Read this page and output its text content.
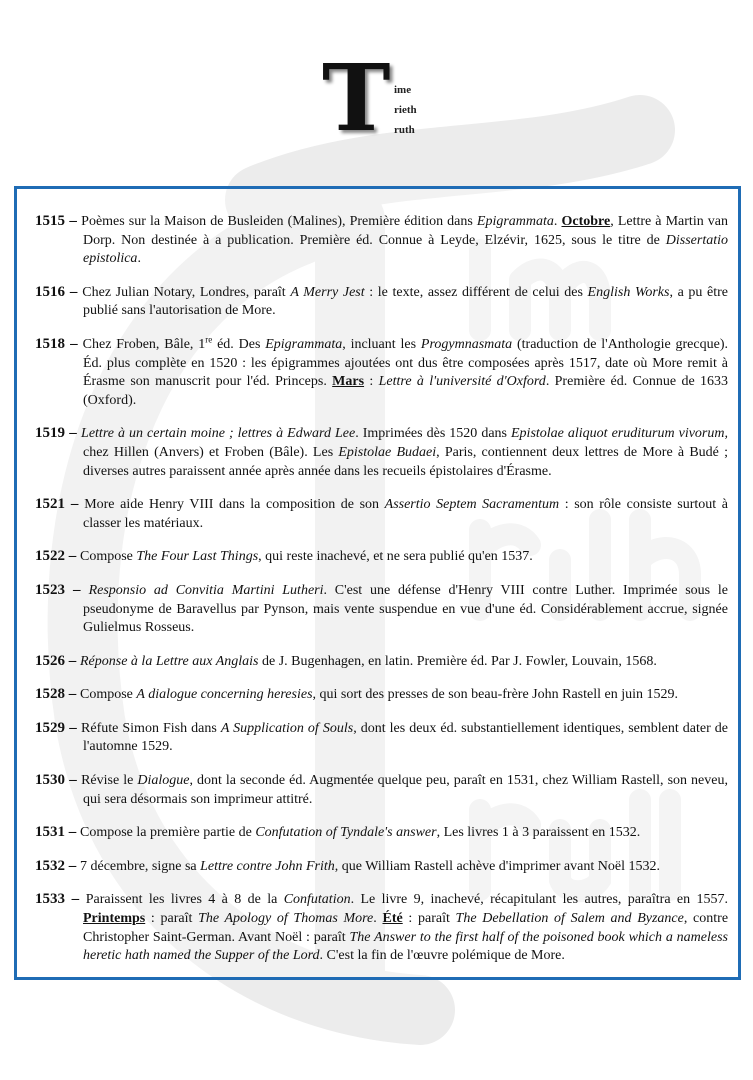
T ime
rieth
ruth

1515 – Poèmes sur la Maison de Busleiden (Malines), Première édition dans Epigrammata. Octobre, Lettre à Martin van Dorp. Non destinée à a publication. Première éd. Connue à Leyde, Elzévir, 1625, sous le titre de Dissertatio epistolica.

1516 – Chez Julian Notary, Londres, paraît A Merry Jest : le texte, assez différent de celui des English Works, a pu être publié sans l'autorisation de More.

1518 – Chez Froben, Bâle, 1re éd. Des Epigrammata, incluant les Progymnasmata (traduction de l'Anthologie grecque). Éd. plus complète en 1520 : les épigrammes ajoutées ont dus être composées après 1517, date où More remit à Érasme son manuscrit pour l'éd. Princeps. Mars : Lettre à l'université d'Oxford. Première éd. Connue de 1633 (Oxford).

1519 – Lettre à un certain moine ; lettres à Edward Lee. Imprimées dès 1520 dans Epistolae aliquot eruditurum vivorum, chez Hillen (Anvers) et Froben (Bâle). Les Epistolae Budaei, Paris, contiennent deux lettres de More à Budé ; diverses autres paraissent année après année dans les recueils épistolaires d'Érasme.

1521 – More aide Henry VIII dans la composition de son Assertio Septem Sacramentum : son rôle consiste surtout à classer les matériaux.

1522 – Compose The Four Last Things, qui reste inachevé, et ne sera publié qu'en 1537.

1523 – Responsio ad Convitia Martini Lutheri. C'est une défense d'Henry VIII contre Luther. Imprimée sous le pseudonyme de Baravellus par Pynson, mais vente suspendue en vue d'une éd. Considérablement accrue, signée Gulielmus Rosseus.

1526 – Réponse à la Lettre aux Anglais de J. Bugenhagen, en latin. Première éd. Par J. Fowler, Louvain, 1568.

1528 – Compose A dialogue concerning heresies, qui sort des presses de son beau-frère John Rastell en juin 1529.

1529 – Réfute Simon Fish dans A Supplication of Souls, dont les deux éd. substantiellement identiques, semblent dater de l'automne 1529.

1530 – Révise le Dialogue, dont la seconde éd. Augmentée quelque peu, paraît en 1531, chez William Rastell, son neveu, qui sera désormais son imprimeur attitré.

1531 – Compose la première partie de Confutation of Tyndale's answer, Les livres 1 à 3 paraissent en 1532.

1532 – 7 décembre, signe sa Lettre contre John Frith, que William Rastell achève d'imprimer avant Noël 1532.

1533 – Paraissent les livres 4 à 8 de la Confutation. Le livre 9, inachevé, récapitulant les autres, paraîtra en 1557. Printemps : paraît The Apology of Thomas More. Été : paraît The Debellation of Salem and Byzance, contre Christopher Saint-German. Avant Noël : paraît The Answer to the first half of the poisoned book which a nameless heretic hath named the Supper of the Lord. C'est la fin de l'œuvre polémique de More.
